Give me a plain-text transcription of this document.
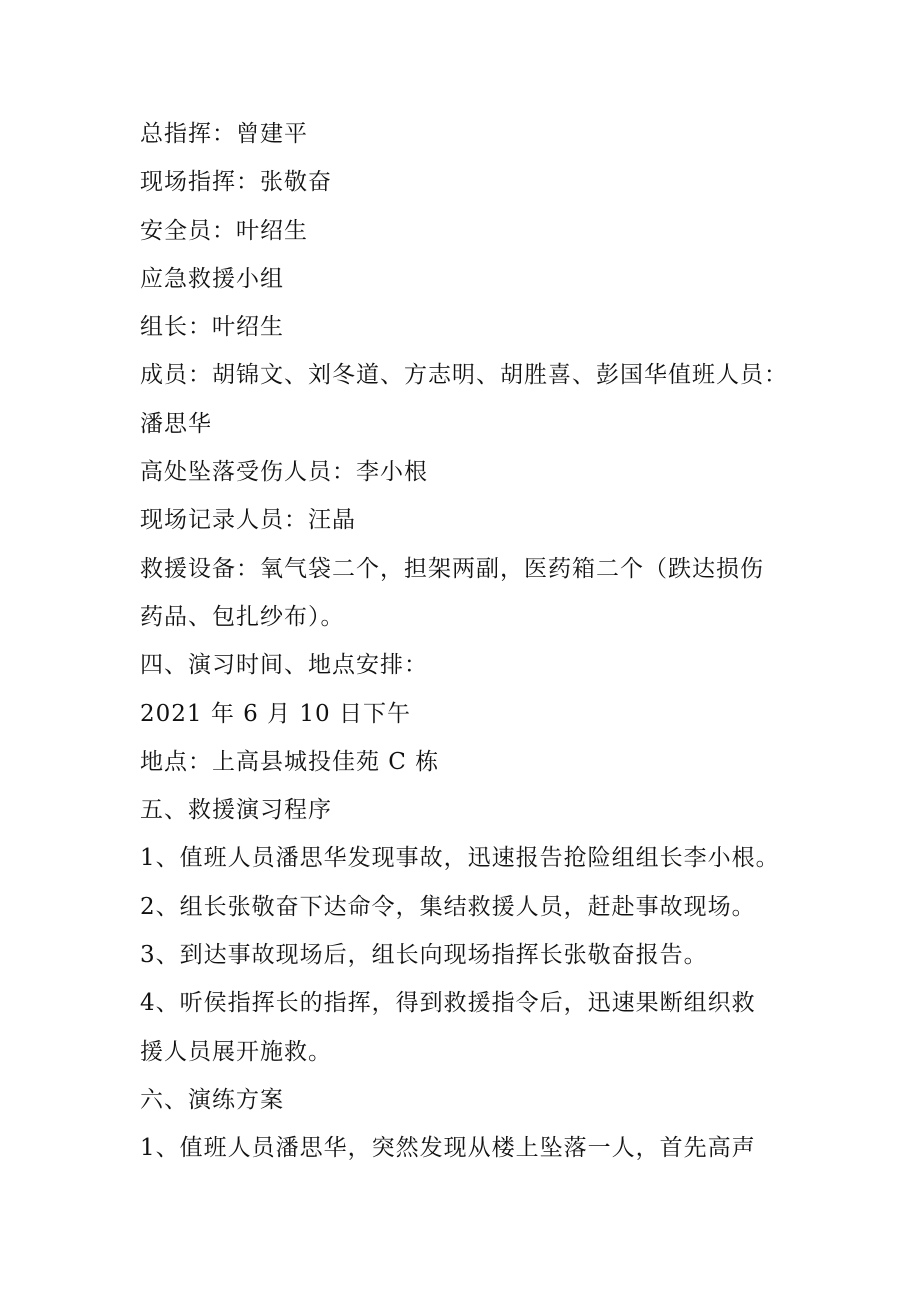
总指挥：曾建平
现场指挥：张敬奋
安全员：叶绍生
应急救援小组
组长：叶绍生
成员：胡锦文、刘冬道、方志明、胡胜喜、彭国华值班人员：
潘思华
高处坠落受伤人员：李小根
现场记录人员：汪晶
救援设备：氧气袋二个，担架两副，医药箱二个（跌达损伤
药品、包扎纱布）。
四、演习时间、地点安排：
2021 年 6 月 10 日下午
地点：上高县城投佳苑 C 栋
五、救援演习程序
1、值班人员潘思华发现事故，迅速报告抢险组组长李小根。
2、组长张敬奋下达命令，集结救援人员，赶赴事故现场。
3、到达事故现场后，组长向现场指挥长张敬奋报告。
4、听侯指挥长的指挥，得到救援指令后，迅速果断组织救
援人员展开施救。
六、演练方案
1、值班人员潘思华，突然发现从楼上坠落一人，首先高声
